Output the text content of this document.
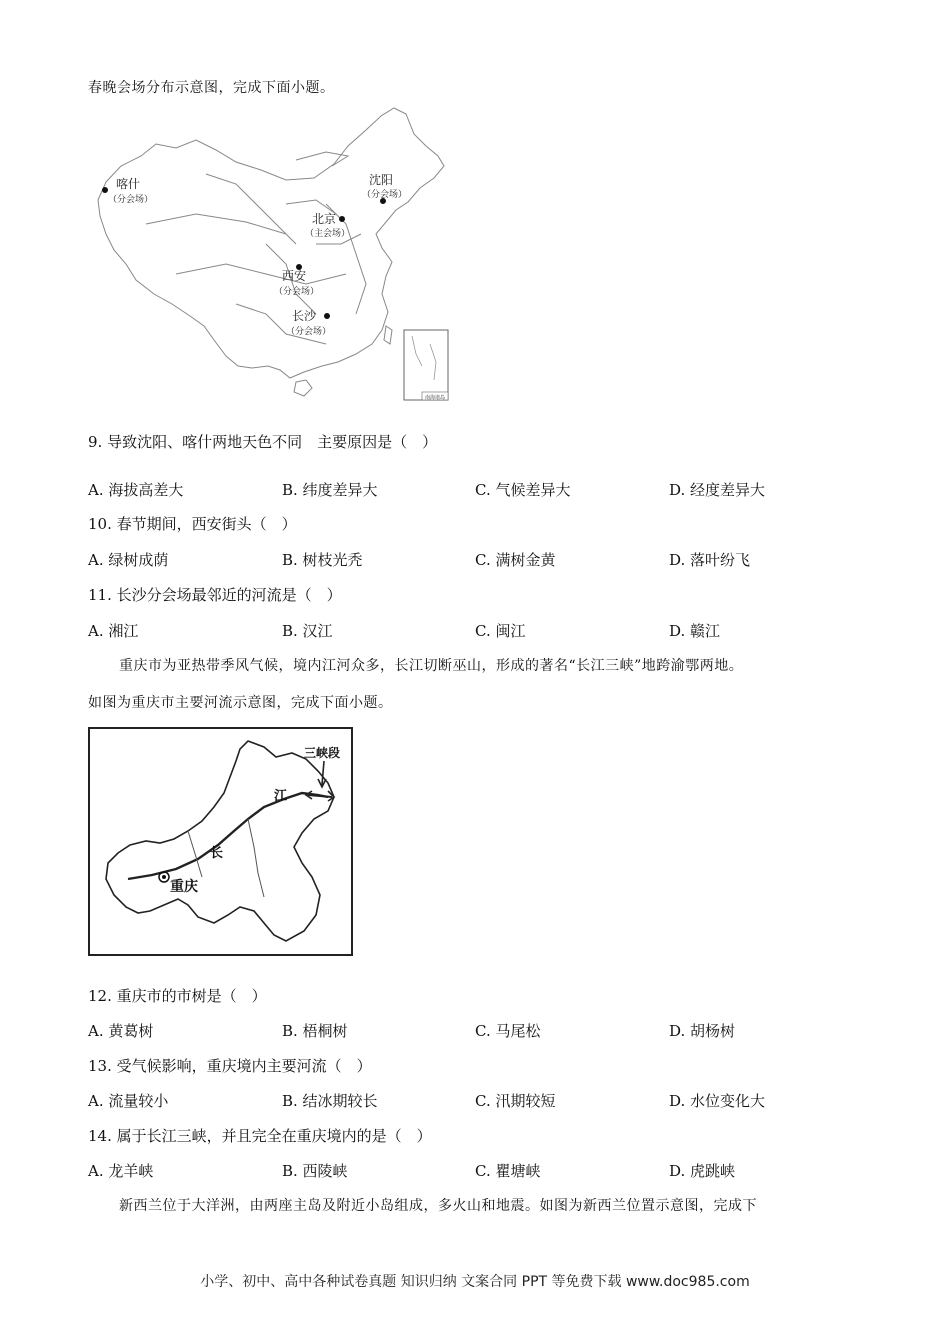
春晚会场分布示意图，完成下面小题。
南海诸岛
喀什
（分会场）
沈阳
（分会场）
北京
（主会场）
西安
（分会场）
长沙
（分会场）
9. 导致沈阳、喀什两地天色不同　主要原因是（　）
A. 海拔高差大	B. 纬度差异大	C. 气候差异大	D. 经度差异大
10. 春节期间，西安街头（　）
A. 绿树成荫	B. 树枝光秃	C. 满树金黄	D. 落叶纷飞
11. 长沙分会场最邻近的河流是（　）
A. 湘江	B. 汉江	C. 闽江	D. 赣江
重庆市为亚热带季风气候，境内江河众多，长江切断巫山，形成的著名“长江三峡”地跨渝鄂两地。
如图为重庆市主要河流示意图，完成下面小题。
三峡段
江
长
重庆
12. 重庆市的市树是（　）
A. 黄葛树	B. 梧桐树	C. 马尾松	D. 胡杨树
13. 受气候影响，重庆境内主要河流（　）
A. 流量较小	B. 结冰期较长	C. 汛期较短	D. 水位变化大
14. 属于长江三峡，并且完全在重庆境内的是（　）
A. 龙羊峡	B. 西陵峡	C. 瞿塘峡	D. 虎跳峡
新西兰位于大洋洲，由两座主岛及附近小岛组成，多火山和地震。如图为新西兰位置示意图，完成下
小学、初中、高中各种试卷真题 知识归纳 文案合同 PPT 等免费下载 www.doc985.com
